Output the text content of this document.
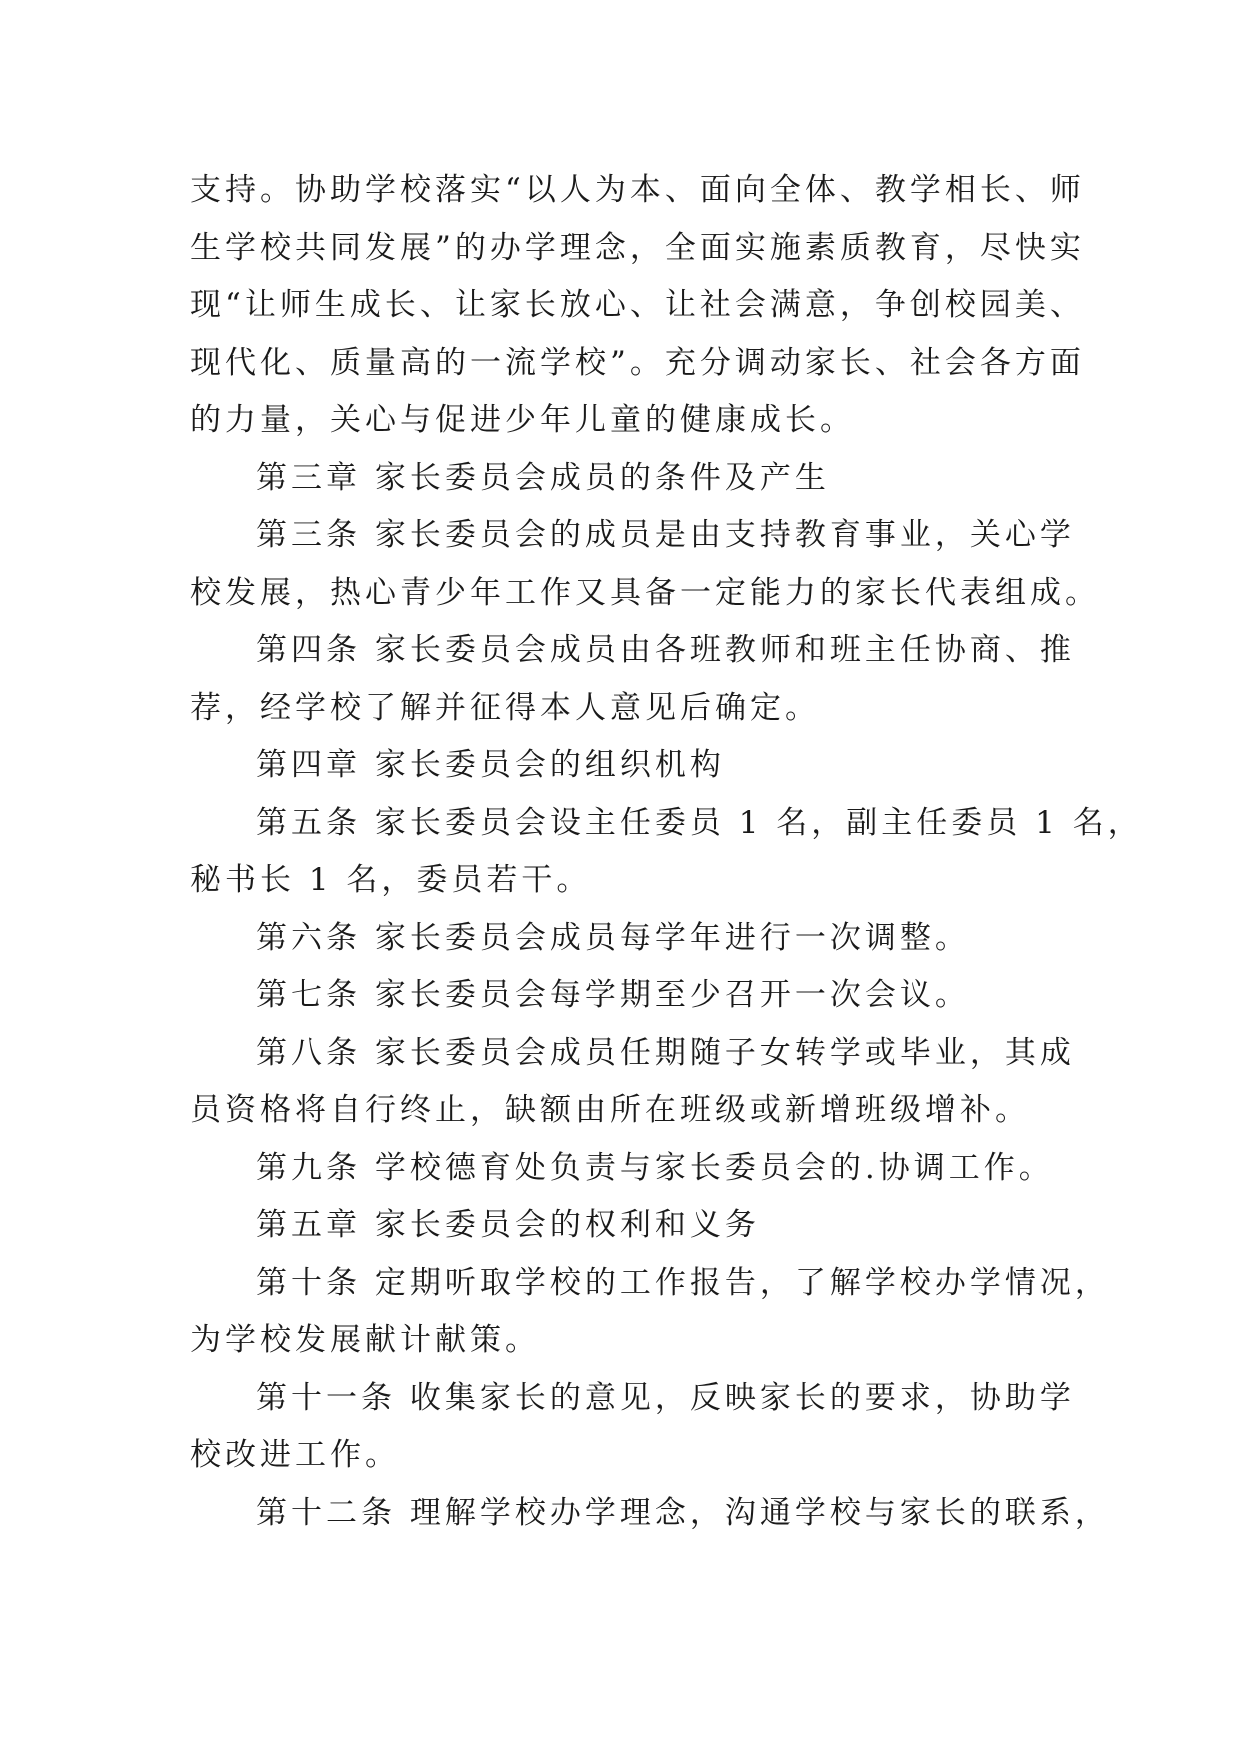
支持。协助学校落实“以人为本、面向全体、教学相长、师
生学校共同发展”的办学理念，全面实施素质教育，尽快实
现“让师生成长、让家长放心、让社会满意，争创校园美、
现代化、质量高的一流学校”。充分调动家长、社会各方面
的力量，关心与促进少年儿童的健康成长。
第三章 家长委员会成员的条件及产生
第三条 家长委员会的成员是由支持教育事业，关心学
校发展，热心青少年工作又具备一定能力的家长代表组成。
第四条 家长委员会成员由各班教师和班主任协商、推
荐，经学校了解并征得本人意见后确定。
第四章 家长委员会的组织机构
第五条 家长委员会设主任委员 1 名，副主任委员 1 名，
秘书长 1 名，委员若干。
第六条 家长委员会成员每学年进行一次调整。
第七条 家长委员会每学期至少召开一次会议。
第八条 家长委员会成员任期随子女转学或毕业，其成
员资格将自行终止，缺额由所在班级或新增班级增补。
第九条 学校德育处负责与家长委员会的.协调工作。
第五章 家长委员会的权利和义务
第十条 定期听取学校的工作报告，了解学校办学情况，
为学校发展献计献策。
第十一条 收集家长的意见，反映家长的要求，协助学
校改进工作。
第十二条 理解学校办学理念，沟通学校与家长的联系，
